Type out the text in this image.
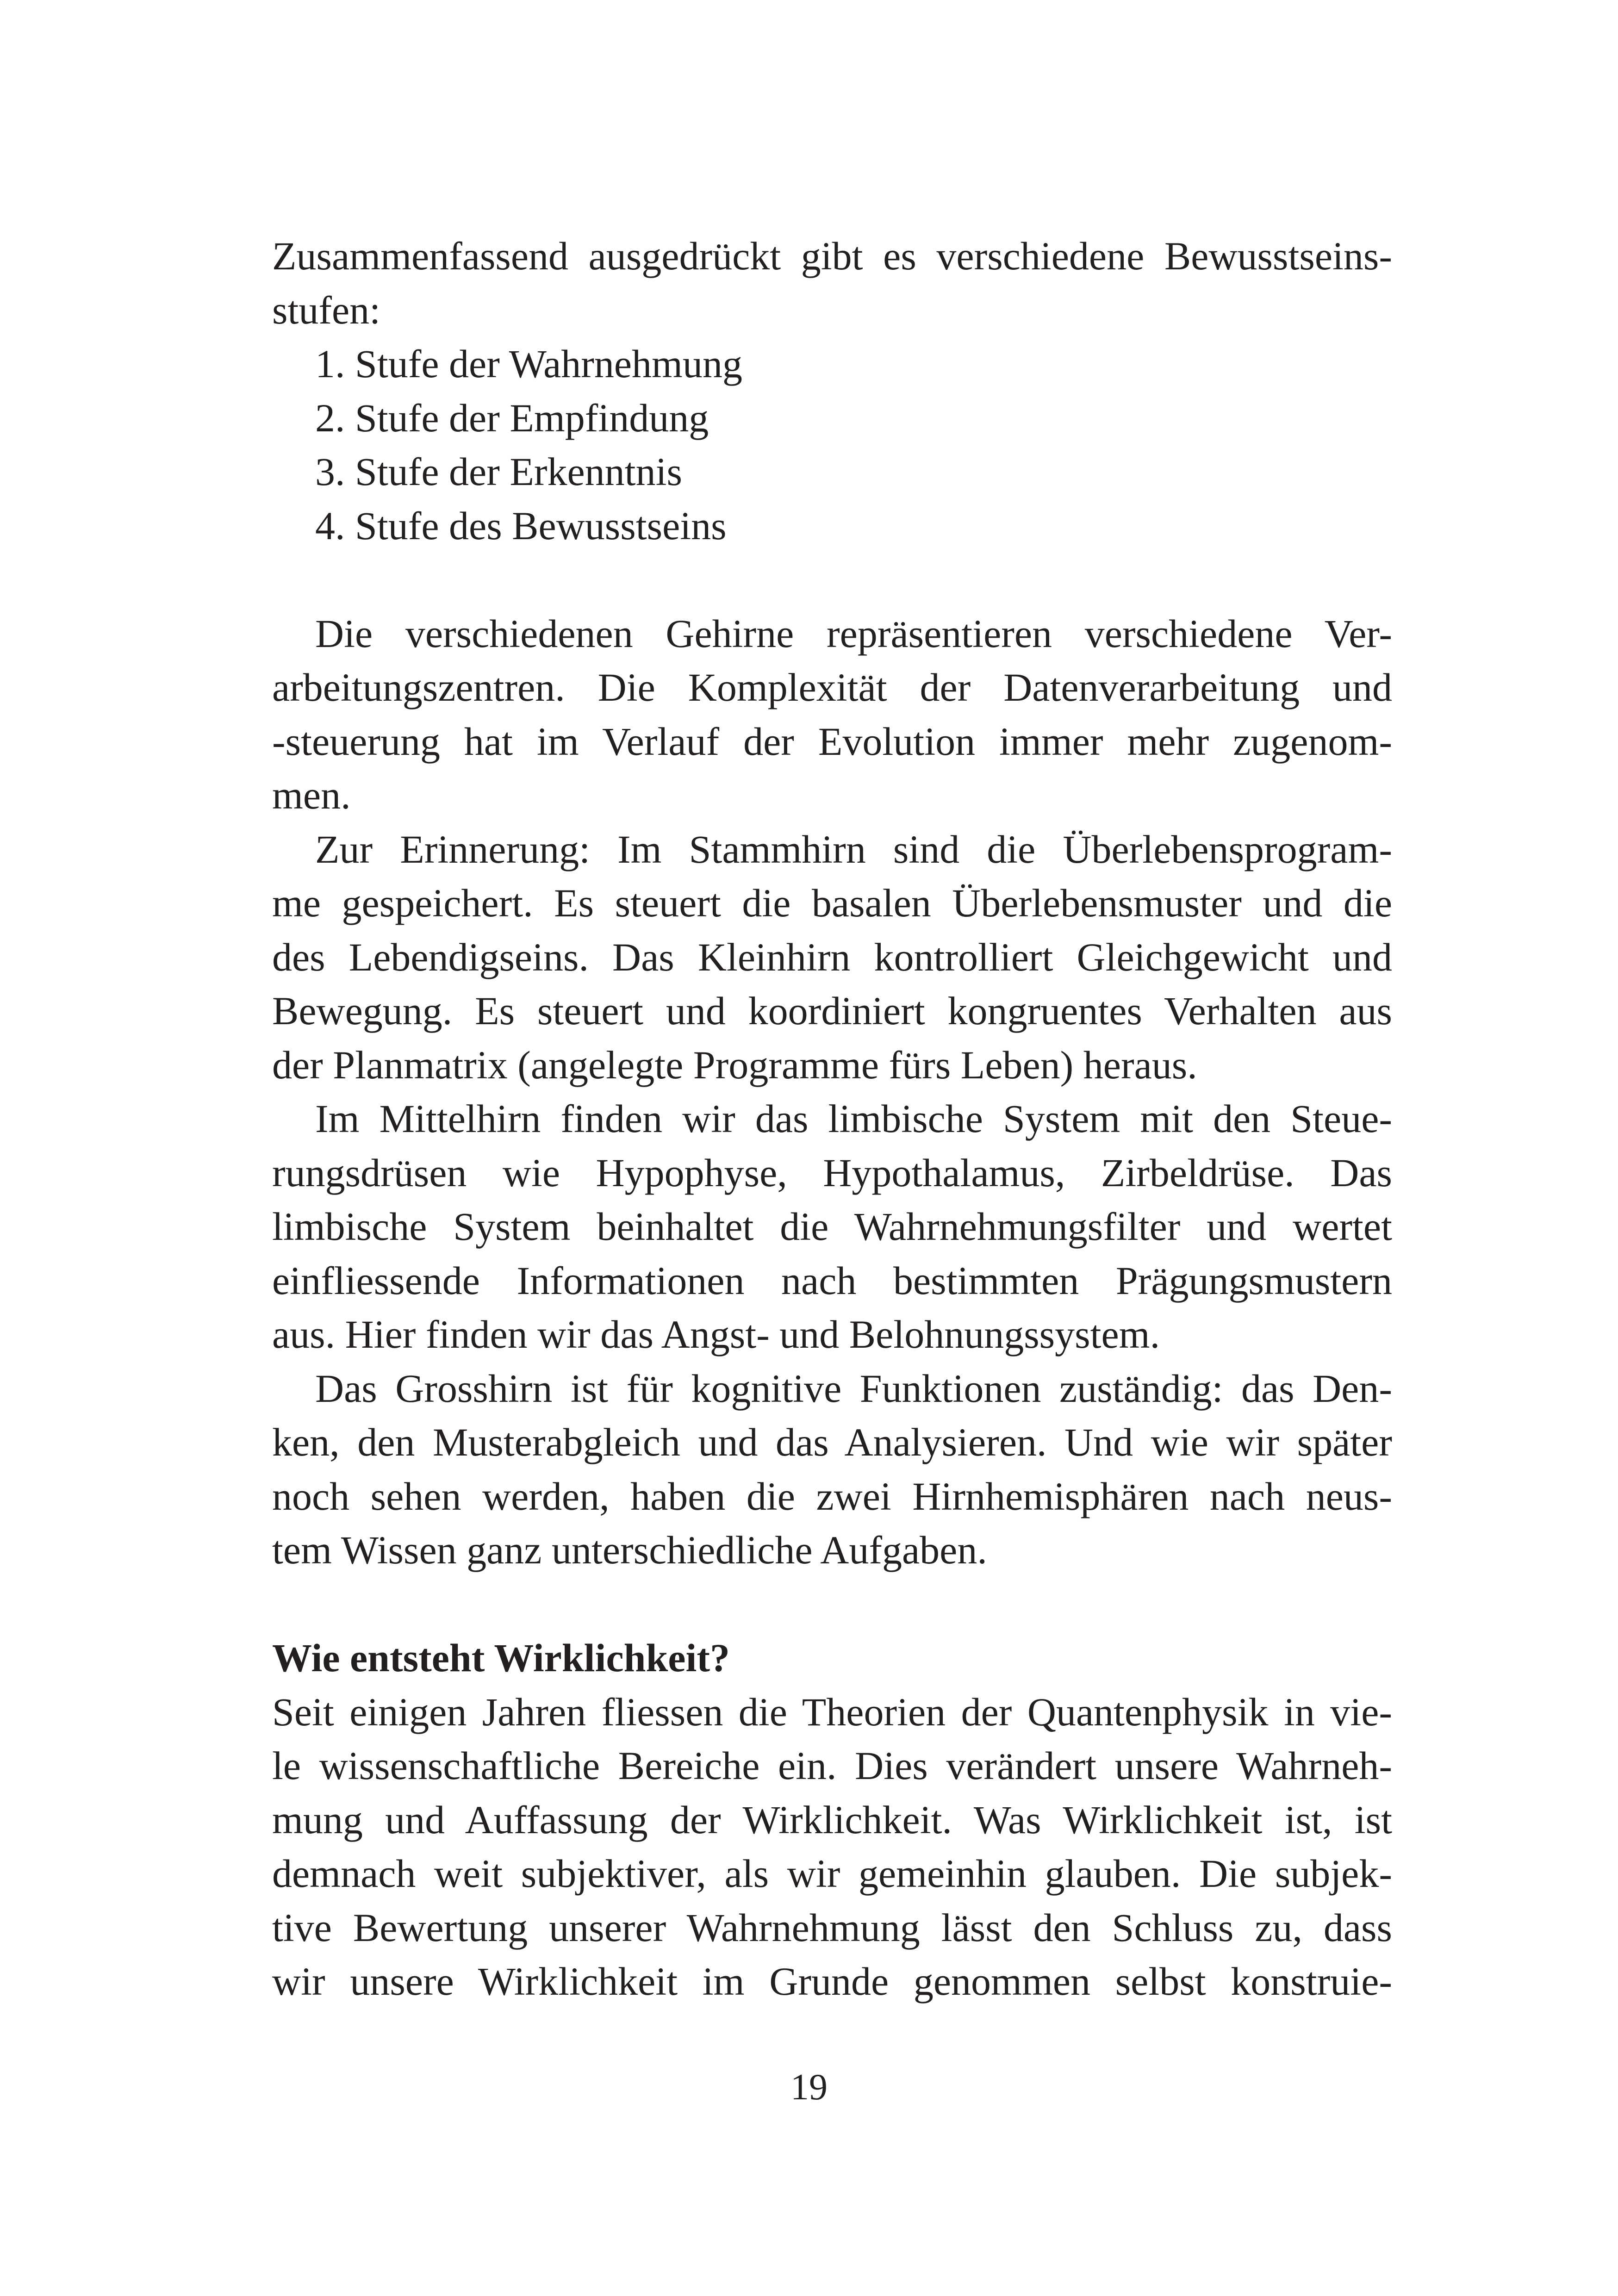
Zusammenfassend ausgedrückt gibt es verschiedene Bewusstseins-
stufen:
1. Stufe der Wahrnehmung
2. Stufe der Empfindung
3. Stufe der Erkenntnis
4. Stufe des Bewusstseins
Die verschiedenen Gehirne repräsentieren verschiedene Ver-
arbeitungszentren. Die Komplexität der Datenverarbeitung und
-steuerung hat im Verlauf der Evolution immer mehr zugenom-
men.
Zur Erinnerung: Im Stammhirn sind die Überlebensprogram-
me gespeichert. Es steuert die basalen Überlebensmuster und die
des Lebendigseins. Das Kleinhirn kontrolliert Gleichgewicht und
Bewegung. Es steuert und koordiniert kongruentes Verhalten aus
der Planmatrix (angelegte Programme fürs Leben) heraus.
Im Mittelhirn finden wir das limbische System mit den Steue-
rungsdrüsen wie Hypophyse, Hypothalamus, Zirbeldrüse. Das
limbische System beinhaltet die Wahrnehmungsfilter und wertet
einfliessende Informationen nach bestimmten Prägungsmustern
aus. Hier finden wir das Angst- und Belohnungssystem.
Das Grosshirn ist für kognitive Funktionen zuständig: das Den-
ken, den Musterabgleich und das Analysieren. Und wie wir später
noch sehen werden, haben die zwei Hirnhemisphären nach neus-
tem Wissen ganz unterschiedliche Aufgaben.
Wie entsteht Wirklichkeit?
Seit einigen Jahren fliessen die Theorien der Quantenphysik in vie-
le wissenschaftliche Bereiche ein. Dies verändert unsere Wahrneh-
mung und Auffassung der Wirklichkeit. Was Wirklichkeit ist, ist
demnach weit subjektiver, als wir gemeinhin glauben. Die subjek-
tive Bewertung unserer Wahrnehmung lässt den Schluss zu, dass
wir unsere Wirklichkeit im Grunde genommen selbst konstruie-
19
